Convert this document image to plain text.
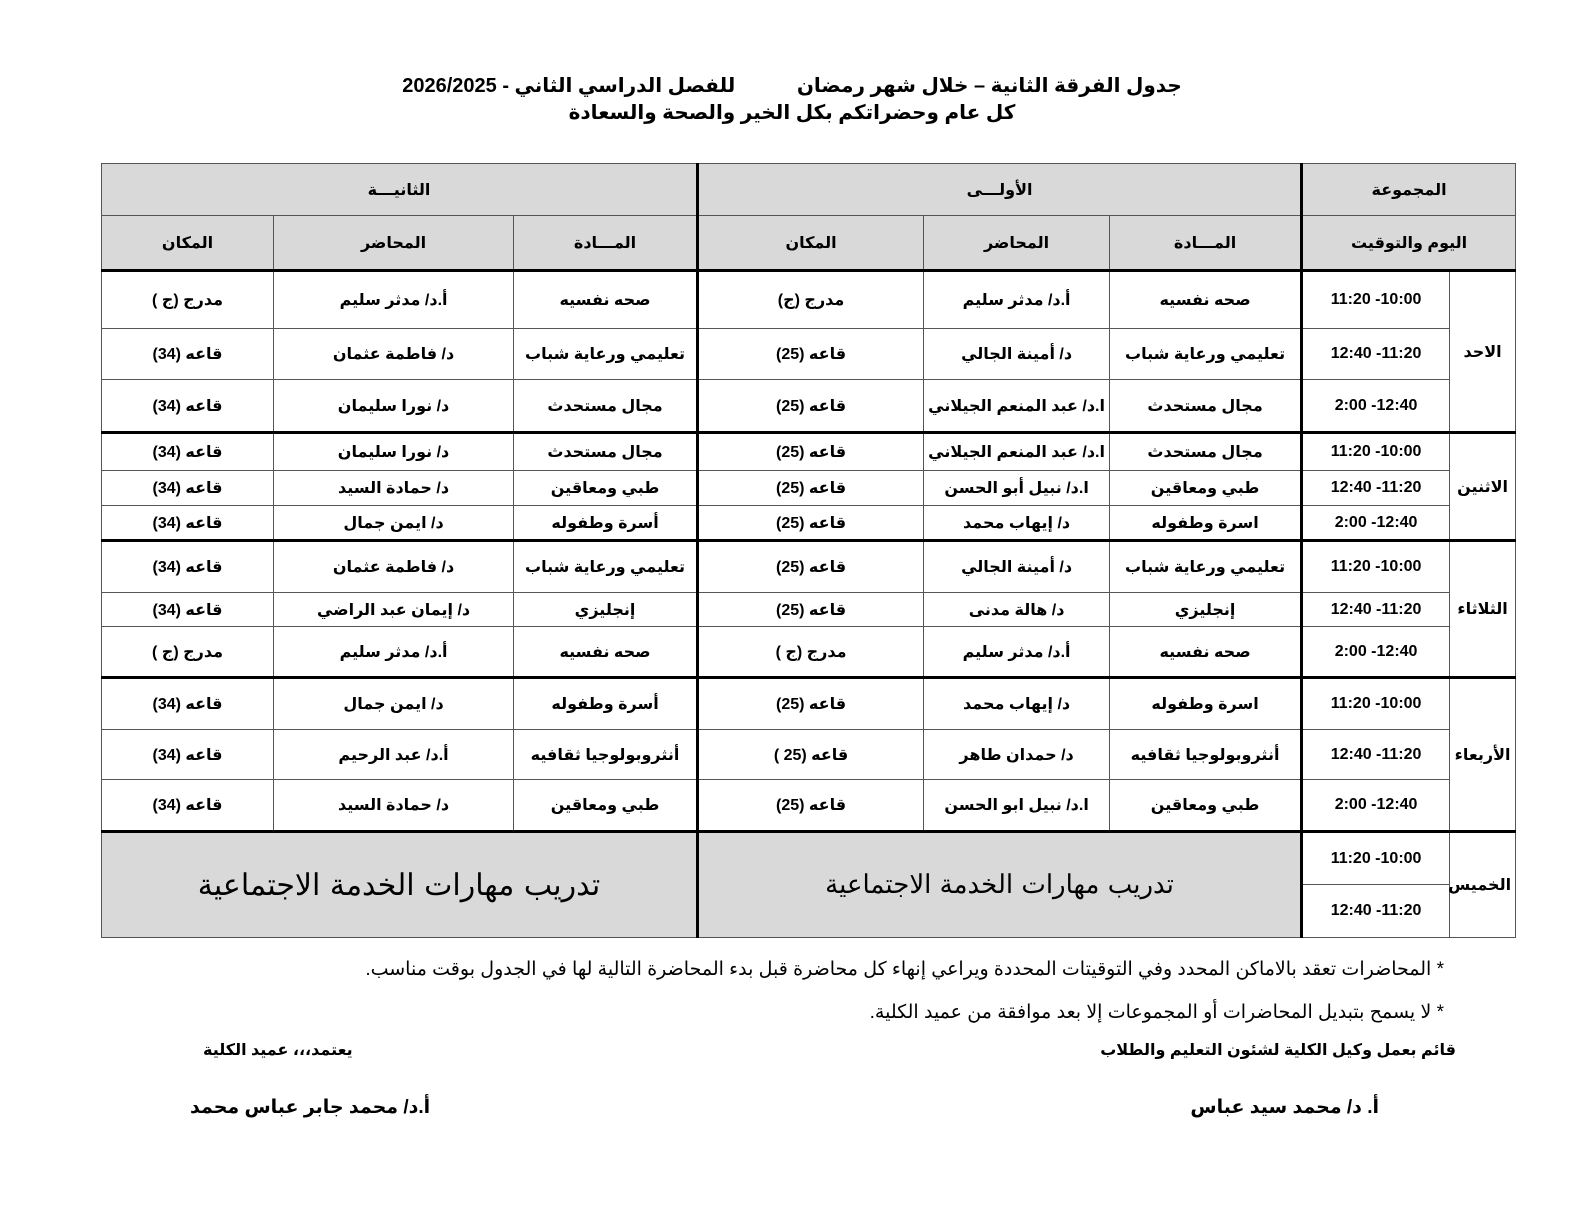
جدول الفرقة الثانية – خلال شهر رمضان للفصل الدراسي الثاني - 2026/2025
كل عام وحضراتكم بكل الخير والصحة والسعادة
المجموعة		الأولـــى			الثانيـــة		
اليوم والتوقيت		المـــادة	المحاضر	المكان	المـــادة	المحاضر	المكان
الاحد	10:00- 11:20	صحه نفسيه	أ.د/ مدثر سليم	مدرج (ج)	صحه نفسيه	أ.د/ مدثر سليم	مدرج (ج )
	11:20- 12:40	تعليمي ورعاية شباب	د/ أمينة الجالي	قاعه (25)	تعليمي ورعاية شباب	د/ فاطمة عثمان	قاعه (34)
	12:40- 2:00	مجال مستحدث	ا.د/ عبد المنعم الجيلاني	قاعه (25)	مجال مستحدث	د/ نورا سليمان	قاعه (34)
الاثنين	10:00- 11:20	مجال مستحدث	ا.د/ عبد المنعم الجيلاني	قاعه (25)	مجال مستحدث	د/ نورا سليمان	قاعه (34)
	11:20- 12:40	طبي ومعاقين	ا.د/ نبيل أبو الحسن	قاعه (25)	طبي ومعاقين	د/ حمادة السيد	قاعه (34)
	12:40- 2:00	اسرة وطفوله	د/ إيهاب محمد	قاعه (25)	أسرة وطفوله	د/ ايمن جمال	قاعه (34)
الثلاثاء	10:00- 11:20	تعليمي ورعاية شباب	د/ أمينة الجالي	قاعه (25)	تعليمي ورعاية شباب	د/ فاطمة عثمان	قاعه (34)
	11:20- 12:40	إنجليزي	د/ هالة مدنى	قاعه (25)	إنجليزي	د/ إيمان عبد الراضي	قاعه (34)
	12:40- 2:00	صحه نفسيه	أ.د/ مدثر سليم	مدرج (ج )	صحه نفسيه	أ.د/ مدثر سليم	مدرج (ج )
الأربعاء	10:00- 11:20	اسرة وطفوله	د/ إيهاب محمد	قاعه (25)	أسرة وطفوله	د/ ايمن جمال	قاعه (34)
	11:20- 12:40	أنثروبولوجيا ثقافيه	د/ حمدان طاهر	قاعه (25 )	أنثروبولوجيا ثقافيه	أ.د/ عبد الرحيم	قاعه (34)
	12:40- 2:00	طبي ومعاقين	ا.د/ نبيل ابو الحسن	قاعه (25)	طبي ومعاقين	د/ حمادة السيد	قاعه (34)
الخميس	10:00- 11:20	تدريب مهارات الخدمة الاجتماعية			تدريب مهارات الخدمة الاجتماعية		
	11:20- 12:40						
* المحاضرات تعقد بالاماكن المحدد وفي التوقيتات المحددة ويراعي إنهاء كل محاضرة قبل بدء المحاضرة التالية لها في الجدول بوقت مناسب.
* لا يسمح بتبديل المحاضرات أو المجموعات إلا بعد موافقة من عميد الكلية.
قائم بعمل وكيل الكلية لشئون التعليم والطلاب
أ. د/ محمد سيد عباس
يعتمد،،، عميد الكلية
أ.د/ محمد جابر عباس محمد
